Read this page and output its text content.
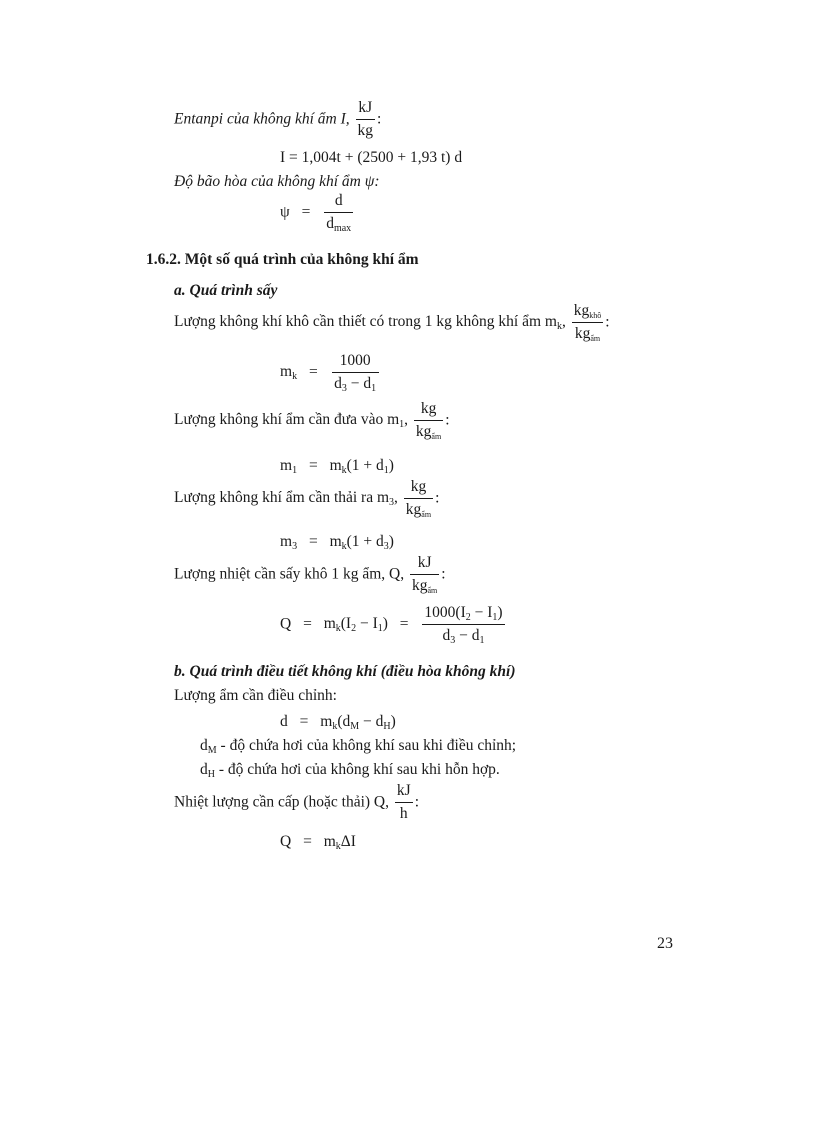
Entanpi của không khí ẩm I, $\frac{kJ}{kg}$ :
I = 1,004t + (2500 + 1,93 t) d
Độ bão hòa của không khí ẩm ψ:
$\psi = \frac{d}{d_{max}}$
1.6.2. Một số quá trình của không khí ẩm
a. Quá trình sấy
Lượng không khí khô cần thiết có trong 1 kg không khí ẩm $m_k$, $\frac{kg_{khô}}{kg_{ẩm}}$ :
$m_k = \frac{1000}{d_3 - d_1}$
Lượng không khí ẩm cần đưa vào $m_1$, $\frac{kg}{kg_{ẩm}}$ :
$m_1 = m_k(1 + d_1)$
Lượng không khí ẩm cần thải ra $m_3$, $\frac{kg}{kg_{ẩm}}$ :
$m_3 = m_k(1 + d_3)$
Lượng nhiệt cần sấy khô 1 kg ẩm, Q, $\frac{kJ}{kg_{ẩm}}$ :
$Q = m_k(I_2 - I_1) = \frac{1000(I_2 - I_1)}{d_3 - d_1}$
b. Quá trình điều tiết không khí (điều hòa không khí)
Lượng ẩm cần điều chỉnh:
$d = m_k(d_M - d_H)$
$d_M$ - độ chứa hơi của không khí sau khi điều chỉnh;
$d_H$ - độ chứa hơi của không khí sau khi hỗn hợp.
Nhiệt lượng cần cấp (hoặc thải) Q, $\frac{kJ}{h}$ :
$Q = m_k\Delta I$
23
